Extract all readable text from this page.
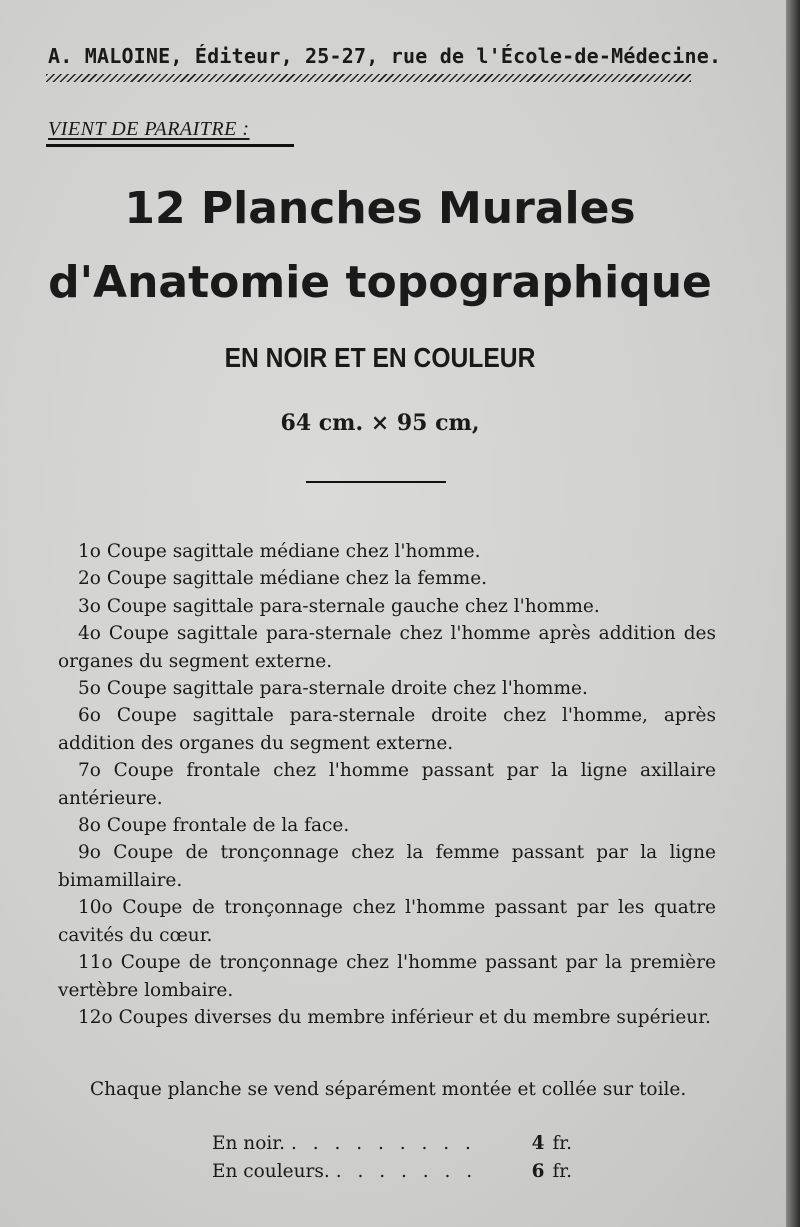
A. MALOINE, Éditeur, 25-27, rue de l'École-de-Médecine.
VIENT DE PARAITRE :
12 Planches Murales
d'Anatomie topographique
EN NOIR ET EN COULEUR
64 cm. × 95 cm,
1o Coupe sagittale médiane chez l'homme.
2o Coupe sagittale médiane chez la femme.
3o Coupe sagittale para-sternale gauche chez l'homme.
4o Coupe sagittale para-sternale chez l'homme après addition des organes du segment externe.
5o Coupe sagittale para-sternale droite chez l'homme.
6o Coupe sagittale para-sternale droite chez l'homme, après addition des organes du segment externe.
7o Coupe frontale chez l'homme passant par la ligne axillaire antérieure.
8o Coupe frontale de la face.
9o Coupe de tronçonnage chez la femme passant par la ligne bimamillaire.
10o Coupe de tronçonnage chez l'homme passant par les quatre cavités du cœur.
11o Coupe de tronçonnage chez l'homme passant par la première vertèbre lombaire.
12o Coupes diverses du membre inférieur et du membre supérieur.
Chaque planche se vend séparément montée et collée sur toile.
En noir. . . . . . . . . .	4 fr.
En couleurs. . . . . . . .	6 fr.
